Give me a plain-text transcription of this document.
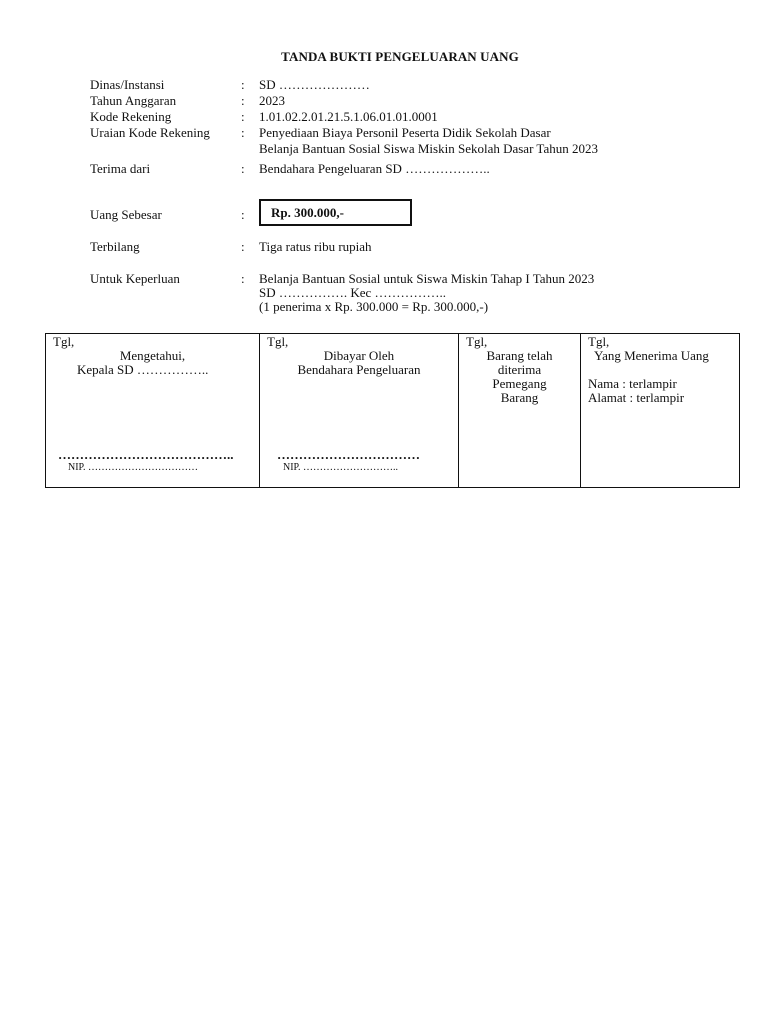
TANDA BUKTI PENGELUARAN UANG
Dinas/Instansi	: SD …………………
Tahun Anggaran	: 2023
Kode Rekening	: 1.01.02.2.01.21.5.1.06.01.01.0001
Uraian Kode Rekening : Penyediaan Biaya Personil Peserta Didik Sekolah Dasar
Belanja Bantuan Sosial Siswa Miskin Sekolah Dasar Tahun 2023
Terima dari	: Bendahara Pengeluaran SD ………………..
Uang Sebesar	:	Rp. 300.000,-
Terbilang	: Tiga ratus ribu rupiah
Untuk Keperluan	: Belanja Bantuan Sosial untuk Siswa Miskin Tahap I Tahun 2023
SD ……………. Kec ……………..
(1 penerima x Rp. 300.000 = Rp. 300.000,-)
Tgl,
Mengetahui,
Kepala SD ……………..
…………………………………..
NIP. ……………………………

Tgl,
Dibayar Oleh
Bendahara Pengeluaran
……………………………
NIP. ………………………..

Tgl,
Barang telah
diterima
Pemegang
Barang

Tgl,
Yang Menerima Uang
Nama : terlampir
Alamat : terlampir
